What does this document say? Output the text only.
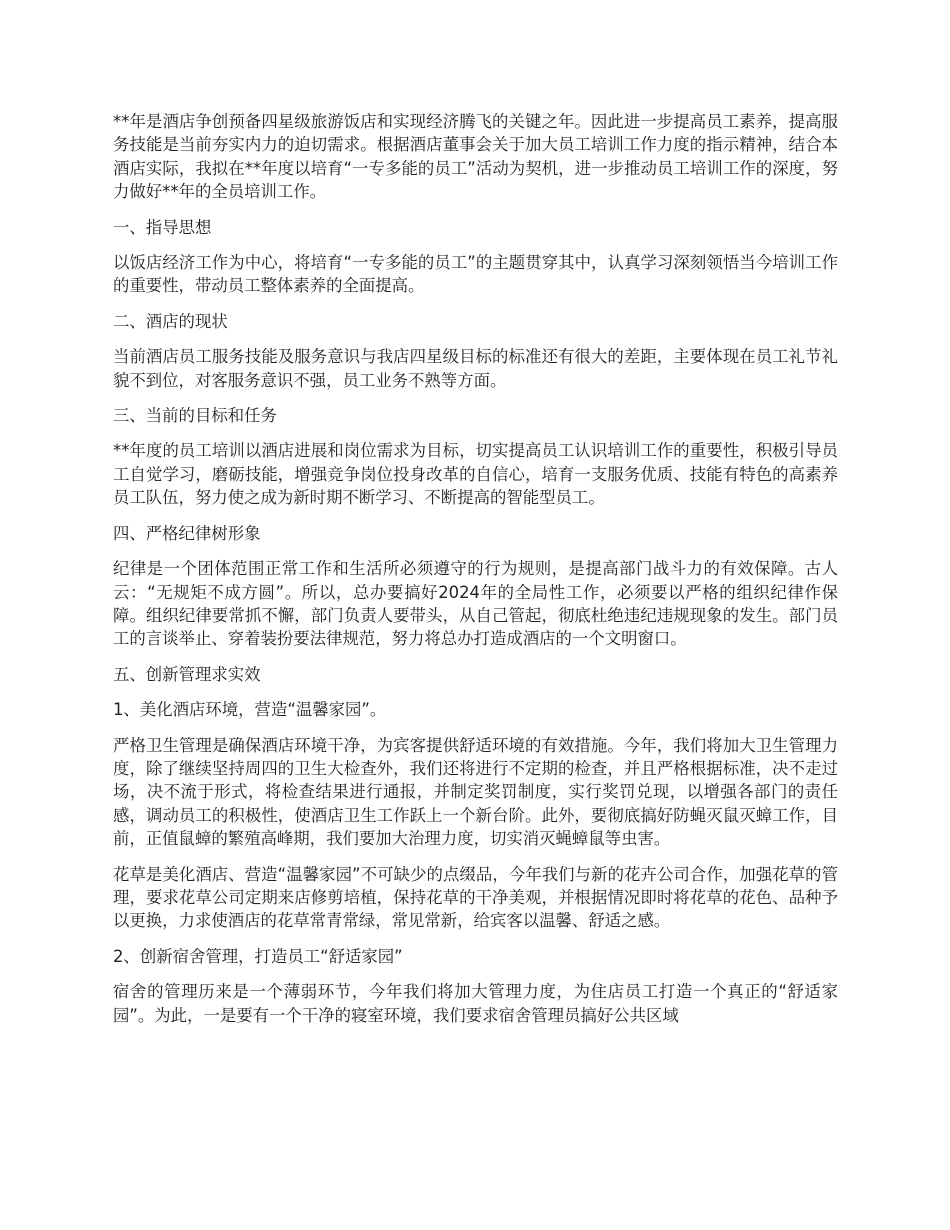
**年是酒店争创预备四星级旅游饭店和实现经济腾飞的关键之年。因此进一步提高员工素养，提高服务技能是当前夯实内力的迫切需求。根据酒店董事会关于加大员工培训工作力度的指示精神，结合本酒店实际，我拟在**年度以培育“一专多能的员工”活动为契机，进一步推动员工培训工作的深度，努力做好**年的全员培训工作。

一、指导思想

以饭店经济工作为中心，将培育“一专多能的员工”的主题贯穿其中，认真学习深刻领悟当今培训工作的重要性，带动员工整体素养的全面提高。

二、酒店的现状

当前酒店员工服务技能及服务意识与我店四星级目标的标准还有很大的差距，主要体现在员工礼节礼貌不到位，对客服务意识不强，员工业务不熟等方面。

三、当前的目标和任务

**年度的员工培训以酒店进展和岗位需求为目标，切实提高员工认识培训工作的重要性，积极引导员工自觉学习，磨砺技能，增强竞争岗位投身改革的自信心，培育一支服务优质、技能有特色的高素养员工队伍，努力使之成为新时期不断学习、不断提高的智能型员工。

四、严格纪律树形象

纪律是一个团体范围正常工作和生活所必须遵守的行为规则，是提高部门战斗力的有效保障。古人云：“无规矩不成方圆”。所以，总办要搞好2024年的全局性工作，必须要以严格的组织纪律作保障。组织纪律要常抓不懈，部门负责人要带头，从自己管起，彻底杜绝违纪违规现象的发生。部门员工的言谈举止、穿着装扮要法律规范，努力将总办打造成酒店的一个文明窗口。

五、创新管理求实效

1、美化酒店环境，营造“温馨家园”。

严格卫生管理是确保酒店环境干净，为宾客提供舒适环境的有效措施。今年，我们将加大卫生管理力度，除了继续坚持周四的卫生大检查外，我们还将进行不定期的检查，并且严格根据标准，决不走过场，决不流于形式，将检查结果进行通报，并制定奖罚制度，实行奖罚兑现，以增强各部门的责任感，调动员工的积极性，使酒店卫生工作跃上一个新台阶。此外，要彻底搞好防蝇灭鼠灭蟑工作，目前，正值鼠蟑的繁殖高峰期，我们要加大治理力度，切实消灭蝇蟑鼠等虫害。

花草是美化酒店、营造“温馨家园”不可缺少的点缀品，今年我们与新的花卉公司合作，加强花草的管理，要求花草公司定期来店修剪培植，保持花草的干净美观，并根据情况即时将花草的花色、品种予以更换，力求使酒店的花草常青常绿，常见常新，给宾客以温馨、舒适之感。

2、创新宿舍管理，打造员工“舒适家园”

宿舍的管理历来是一个薄弱环节，今年我们将加大管理力度，为住店员工打造一个真正的“舒适家园”。为此，一是要有一个干净的寝室环境，我们要求宿舍管理员搞好公共区域
